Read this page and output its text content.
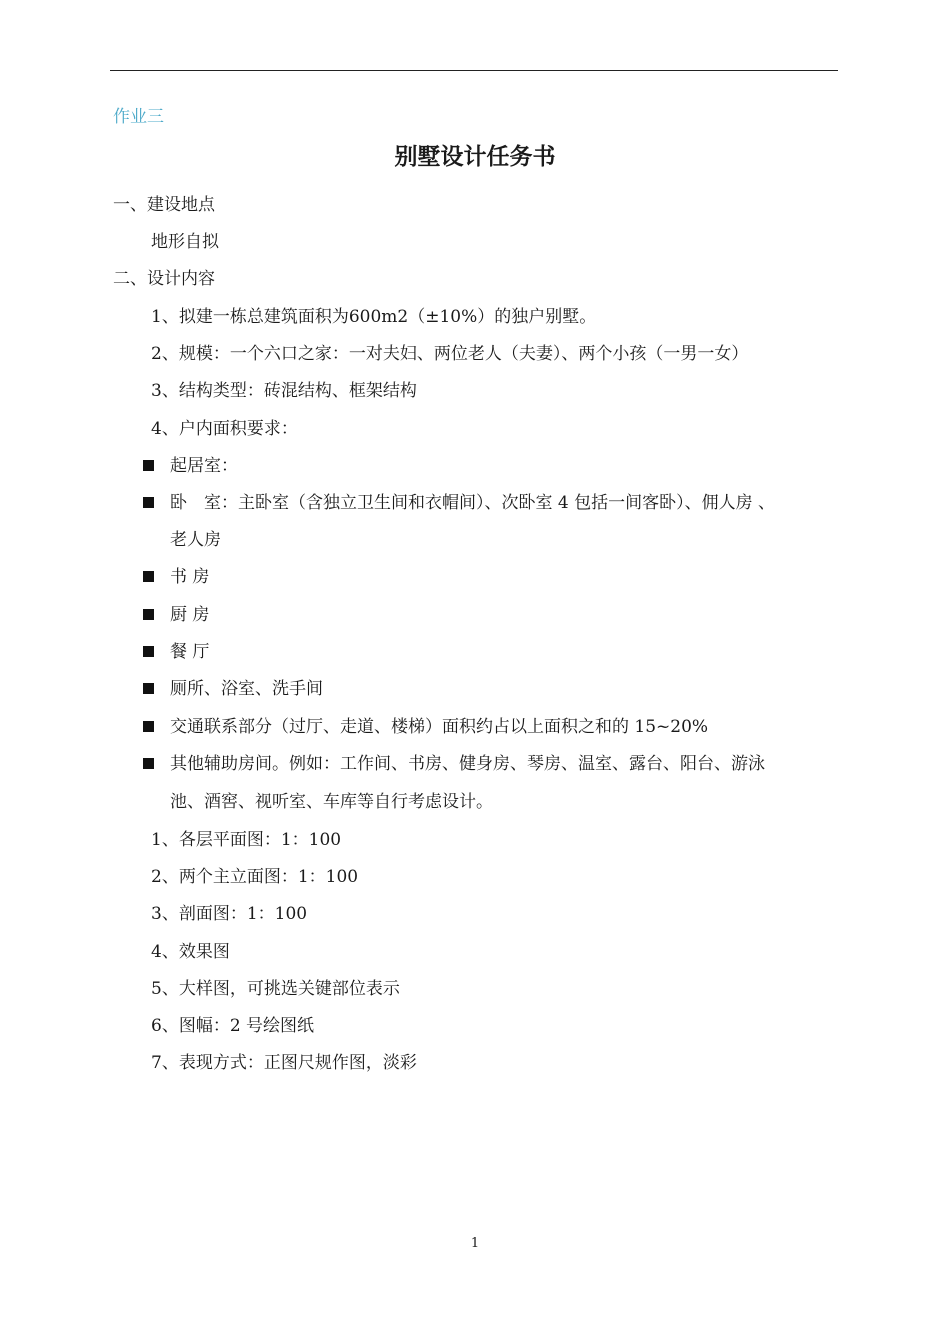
作业三
别墅设计任务书
一、建设地点
地形自拟
二、设计内容
1、拟建一栋总建筑面积为600m2（±10%）的独户别墅。
2、规模：一个六口之家：一对夫妇、两位老人（夫妻）、两个小孩（一男一女）
3、结构类型：砖混结构、框架结构
4、户内面积要求：
起居室：
卧　室：主卧室（含独立卫生间和衣帽间）、次卧室 4 包括一间客卧）、佣人房 、
老人房
书 房
厨 房
餐 厅
厕所、浴室、洗手间
交通联系部分（过厅、走道、楼梯）面积约占以上面积之和的 15~20%
其他辅助房间。例如：工作间、书房、健身房、琴房、温室、露台、阳台、游泳
池、酒窖、视听室、车库等自行考虑设计。
1、各层平面图：1：100
2、两个主立面图：1：100
3、剖面图：1：100
4、效果图
5、大样图，可挑选关键部位表示
6、图幅：2 号绘图纸
7、表现方式：正图尺规作图，淡彩
1
